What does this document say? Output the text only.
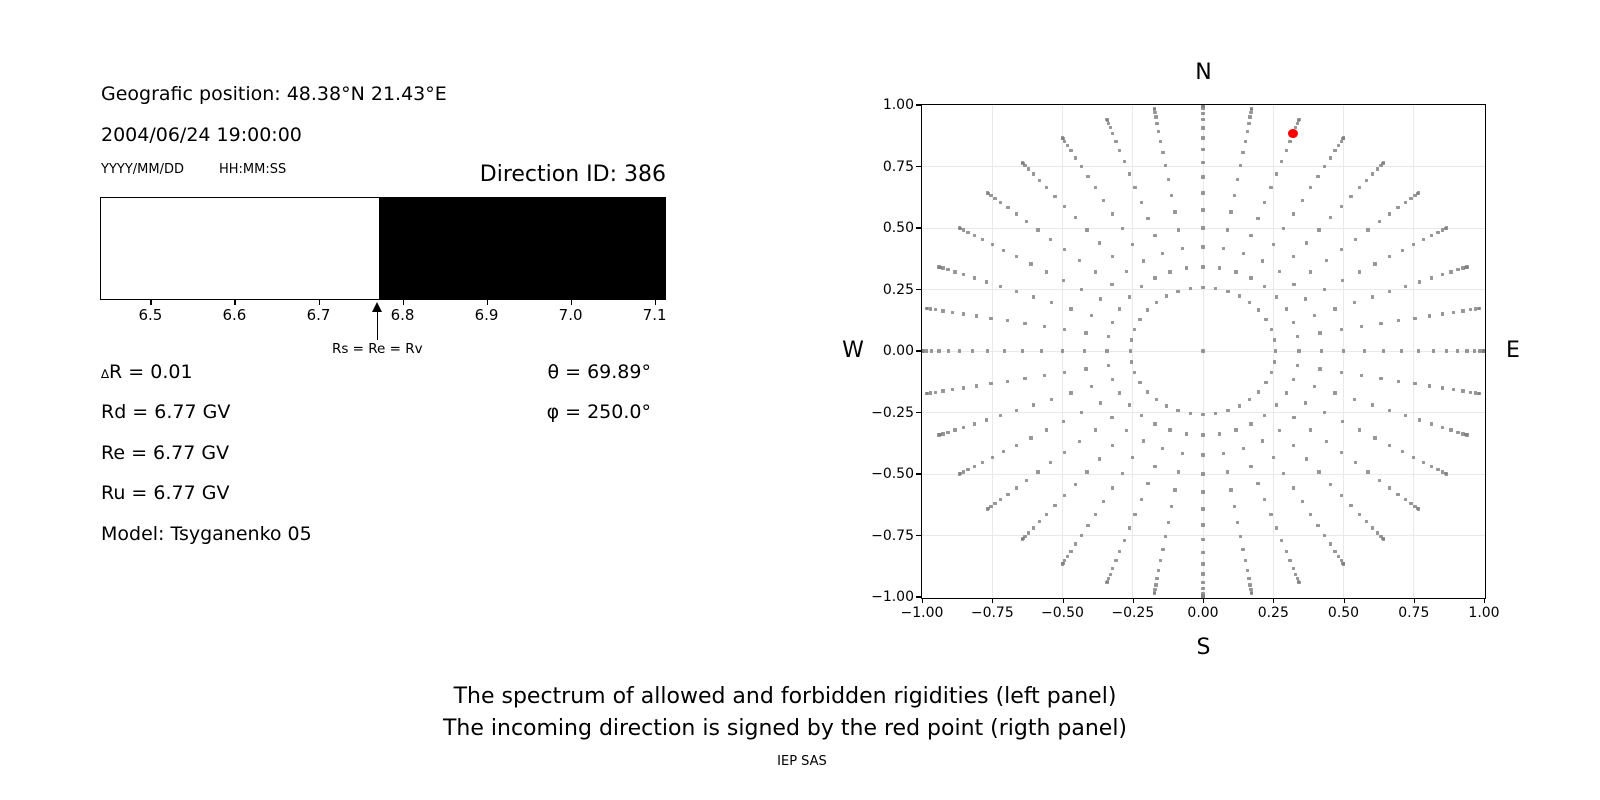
Geografic position: 48.38°N 21.43°E
2004/06/24 19:00:00
YYYY/MM/DD	HH:MM:SS	Direction ID: 386
6.5	6.6	6.7	6.8	6.9	7.0	7.1
Rs = Re = Rv
∆R = 0.01
Rd = 6.77 GV
Re = 6.77 GV
Ru = 6.77 GV
Model: Tsyganenko 05
θ = 69.89°
φ = 250.0°
N
S
W	E
−1.00	−0.75	−0.50	−0.25	0.00	0.25	0.50	0.75	1.00
1.00
0.75
0.50
0.25
0.00
−0.25
−0.50
−0.75
−1.00
The spectrum of allowed and forbidden rigidities (left panel)
The incoming direction is signed by the red point (rigth panel)
IEP SAS
